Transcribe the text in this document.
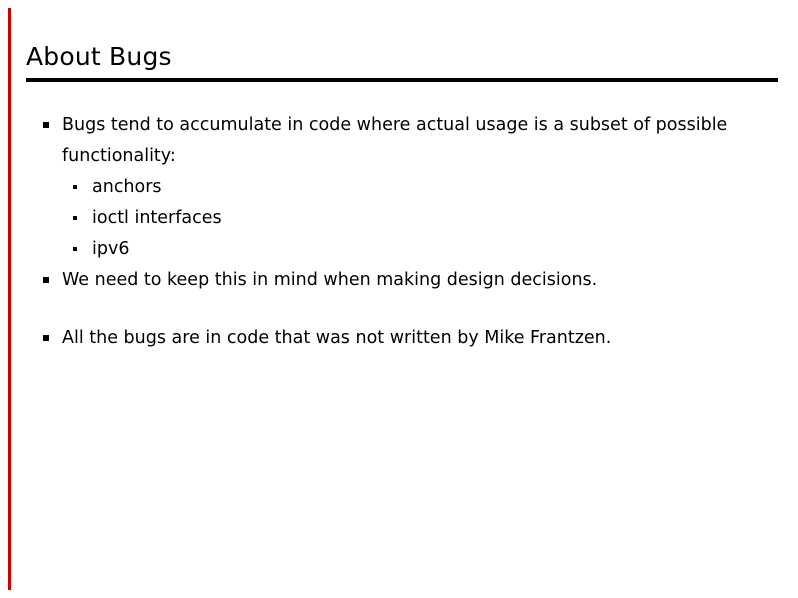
About Bugs
Bugs tend to accumulate in code where actual usage is a subset of possible functionality:
anchors
ioctl interfaces
ipv6
We need to keep this in mind when making design decisions.
All the bugs are in code that was not written by Mike Frantzen.
